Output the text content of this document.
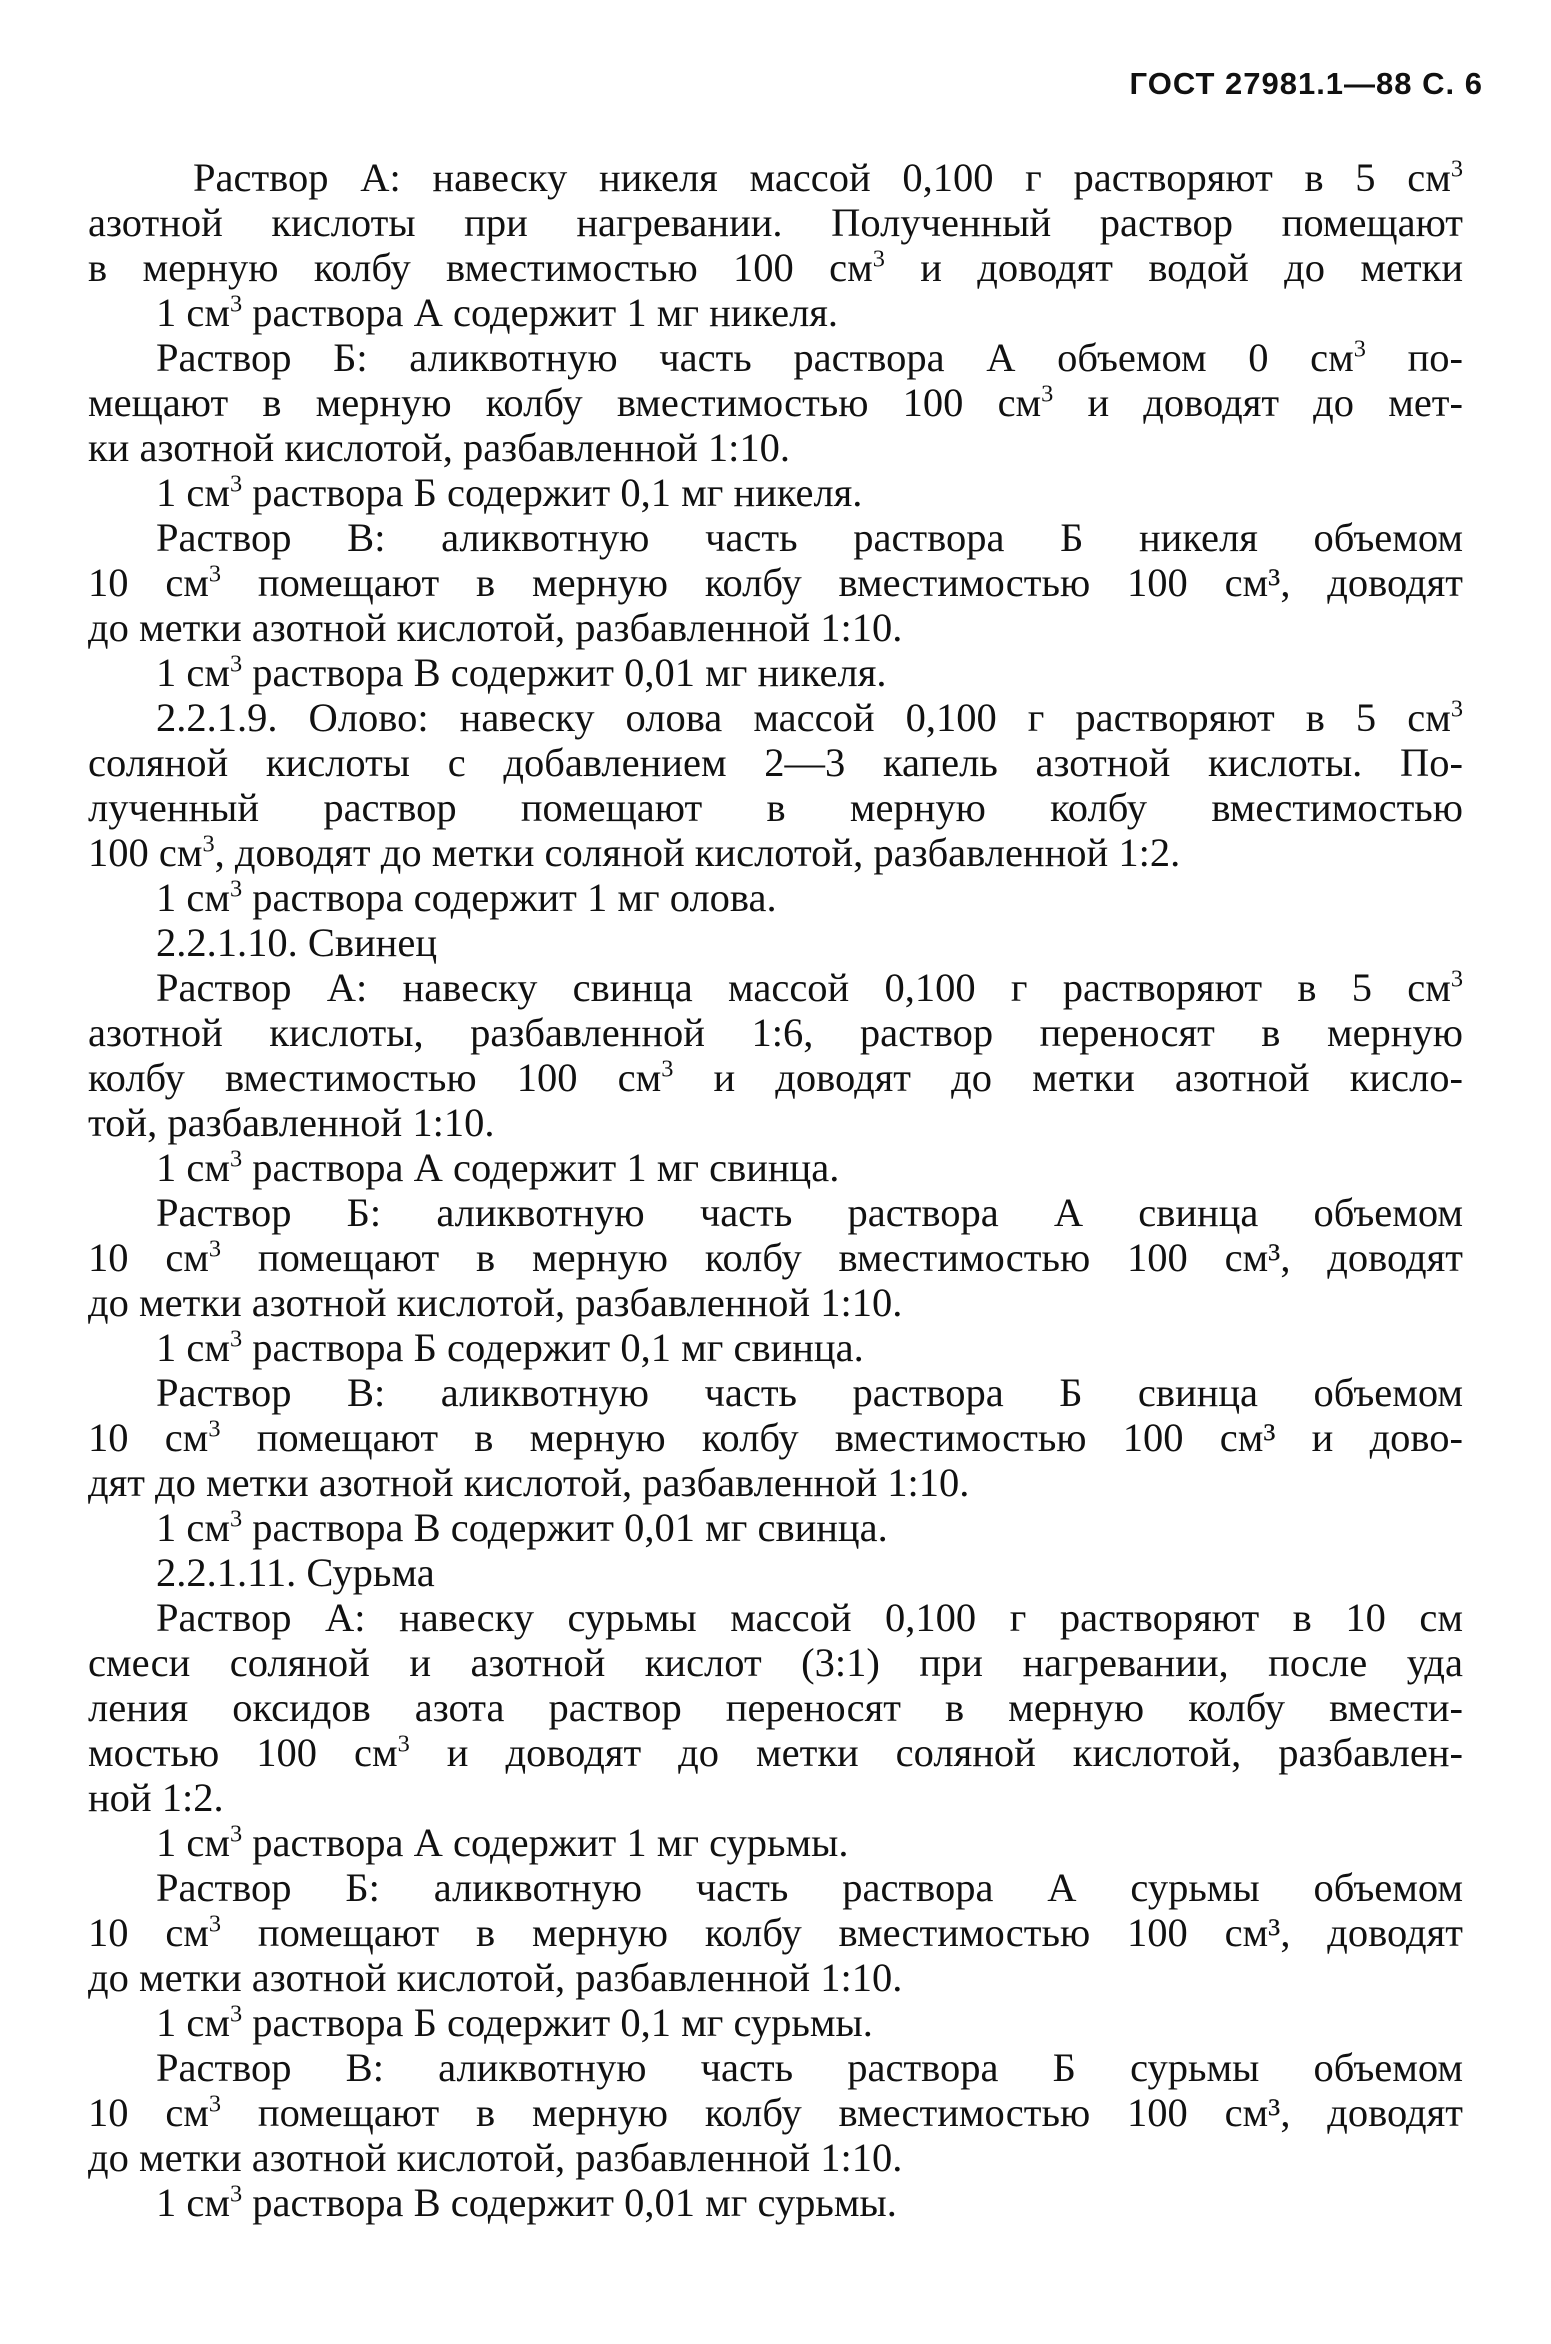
ГОСТ 27981.1—88 С. 6
Раствор А: навеску никеля массой 0,100 г растворяют в 5 $см^3$
азотной кислоты при нагревании. Полученный раствор помещают
в мерную колбу вместимостью 100 $см^3$ и доводят водой до метки
1 $см^3$ раствора А содержит 1 мг никеля.
Раствор Б: аликвотную часть раствора А объемом 0 $см^3$ по-
мещают в мерную колбу вместимостью 100 $см^3$ и доводят до мет-
ки азотной кислотой, разбавленной 1:10.
1 $см^3$ раствора Б содержит 0,1 мг никеля.
Раствор В: аликвотную часть раствора Б никеля объемом
10 $см^3$ помещают в мерную колбу вместимостью 100 см³, доводят
до метки азотной кислотой, разбавленной 1:10.
1 $см^3$ раствора В содержит 0,01 мг никеля.
2.2.1.9. Олово: навеску олова массой 0,100 г растворяют в 5 $см^3$
соляной кислоты с добавлением 2—3 капель азотной кислоты. По-
лученный раствор помещают в мерную колбу вместимостью
100 $см^3$, доводят до метки соляной кислотой, разбавленной 1:2.
1 $см^3$ раствора содержит 1 мг олова.
2.2.1.10. Свинец
Раствор А: навеску свинца массой 0,100 г растворяют в 5 $см^3$
азотной кислоты, разбавленной 1:6, раствор переносят в мерную
колбу вместимостью 100 $см^3$ и доводят до метки азотной кисло-
той, разбавленной 1:10.
1 $см^3$ раствора А содержит 1 мг свинца.
Раствор Б: аликвотную часть раствора А свинца объемом
10 $см^3$ помещают в мерную колбу вместимостью 100 см³, доводят
до метки азотной кислотой, разбавленной 1:10.
1 $см^3$ раствора Б содержит 0,1 мг свинца.
Раствор В: аликвотную часть раствора Б свинца объемом
10 $см^3$ помещают в мерную колбу вместимостью 100 см³ и дово-
дят до метки азотной кислотой, разбавленной 1:10.
1 $см^3$ раствора В содержит 0,01 мг свинца.
2.2.1.11. Сурьма
Раствор А: навеску сурьмы массой 0,100 г растворяют в 10 см
смеси соляной и азотной кислот (3:1) при нагревании, после уда
ления оксидов азота раствор переносят в мерную колбу вмести-
мостью 100 $см^3$ и доводят до метки соляной кислотой, разбавлен-
ной 1:2.
1 $см^3$ раствора А содержит 1 мг сурьмы.
Раствор Б: аликвотную часть раствора А сурьмы объемом
10 $см^3$ помещают в мерную колбу вместимостью 100 см³, доводят
до метки азотной кислотой, разбавленной 1:10.
1 $см^3$ раствора Б содержит 0,1 мг сурьмы.
Раствор В: аликвотную часть раствора Б сурьмы объемом
10 $см^3$ помещают в мерную колбу вместимостью 100 см³, доводят
до метки азотной кислотой, разбавленной 1:10.
1 $см^3$ раствора В содержит 0,01 мг сурьмы.
